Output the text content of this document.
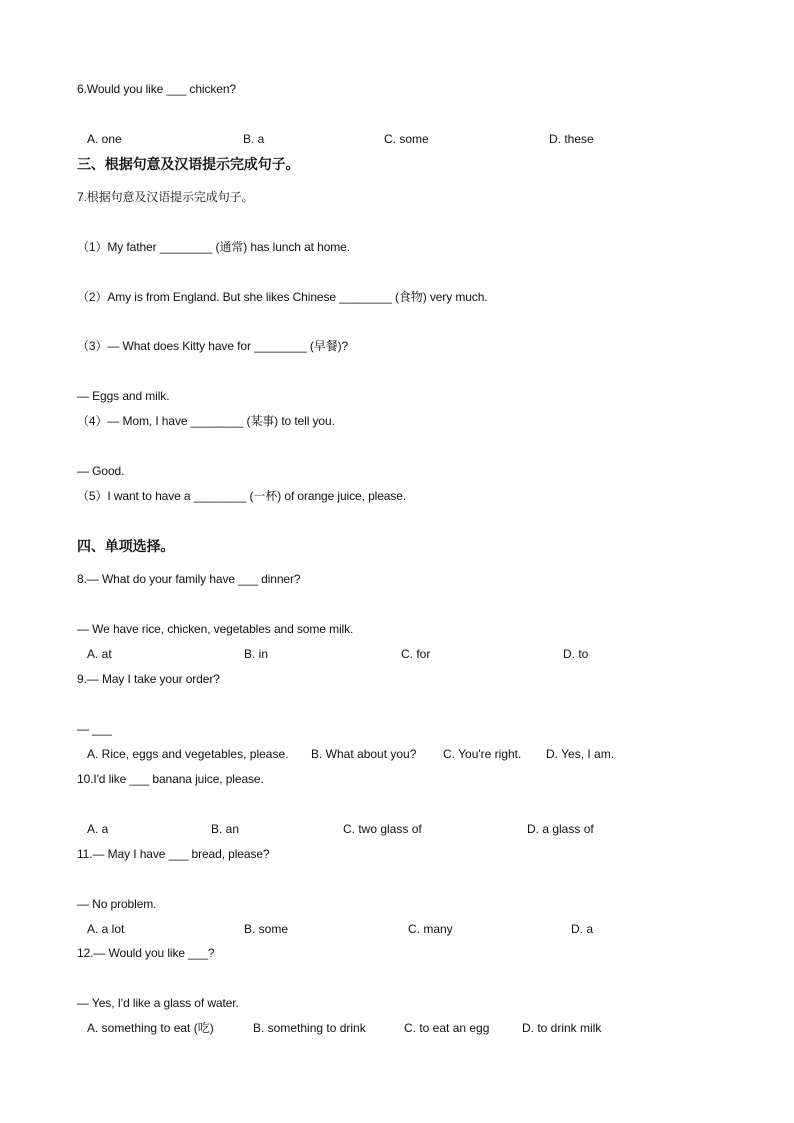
6.Would you like ___ chicken?
A. one	B. a	C. some	D. these
三、根据句意及汉语提示完成句子。
7.根据句意及汉语提示完成句子。
（1）My father ________ (通常) has lunch at home.
（2）Amy is from England. But she likes Chinese ________ (食物) very much.
（3）— What does Kitty have for ________ (早餐)?
— Eggs and milk.
（4）— Mom, I have ________ (某事) to tell you.
— Good.
（5）I want to have a ________ (一杯) of orange juice, please.
四、单项选择。
8.— What do your family have ___ dinner?
— We have rice, chicken, vegetables and some milk.
A. at	B. in	C. for	D. to
9.— May I take your order?
— ___
A. Rice, eggs and vegetables, please. B. What about you? C. You're right. D. Yes, I am.
10.I'd like ___ banana juice, please.
A. a	B. an	C. two glass of	D. a glass of
11.— May I have ___ bread, please?
— No problem.
A. a lot	B. some	C. many	D. a
12.— Would you like ___?
— Yes, I'd like a glass of water.
A. something to eat (吃)	B. something to drink	C. to eat an egg	D. to drink milk
